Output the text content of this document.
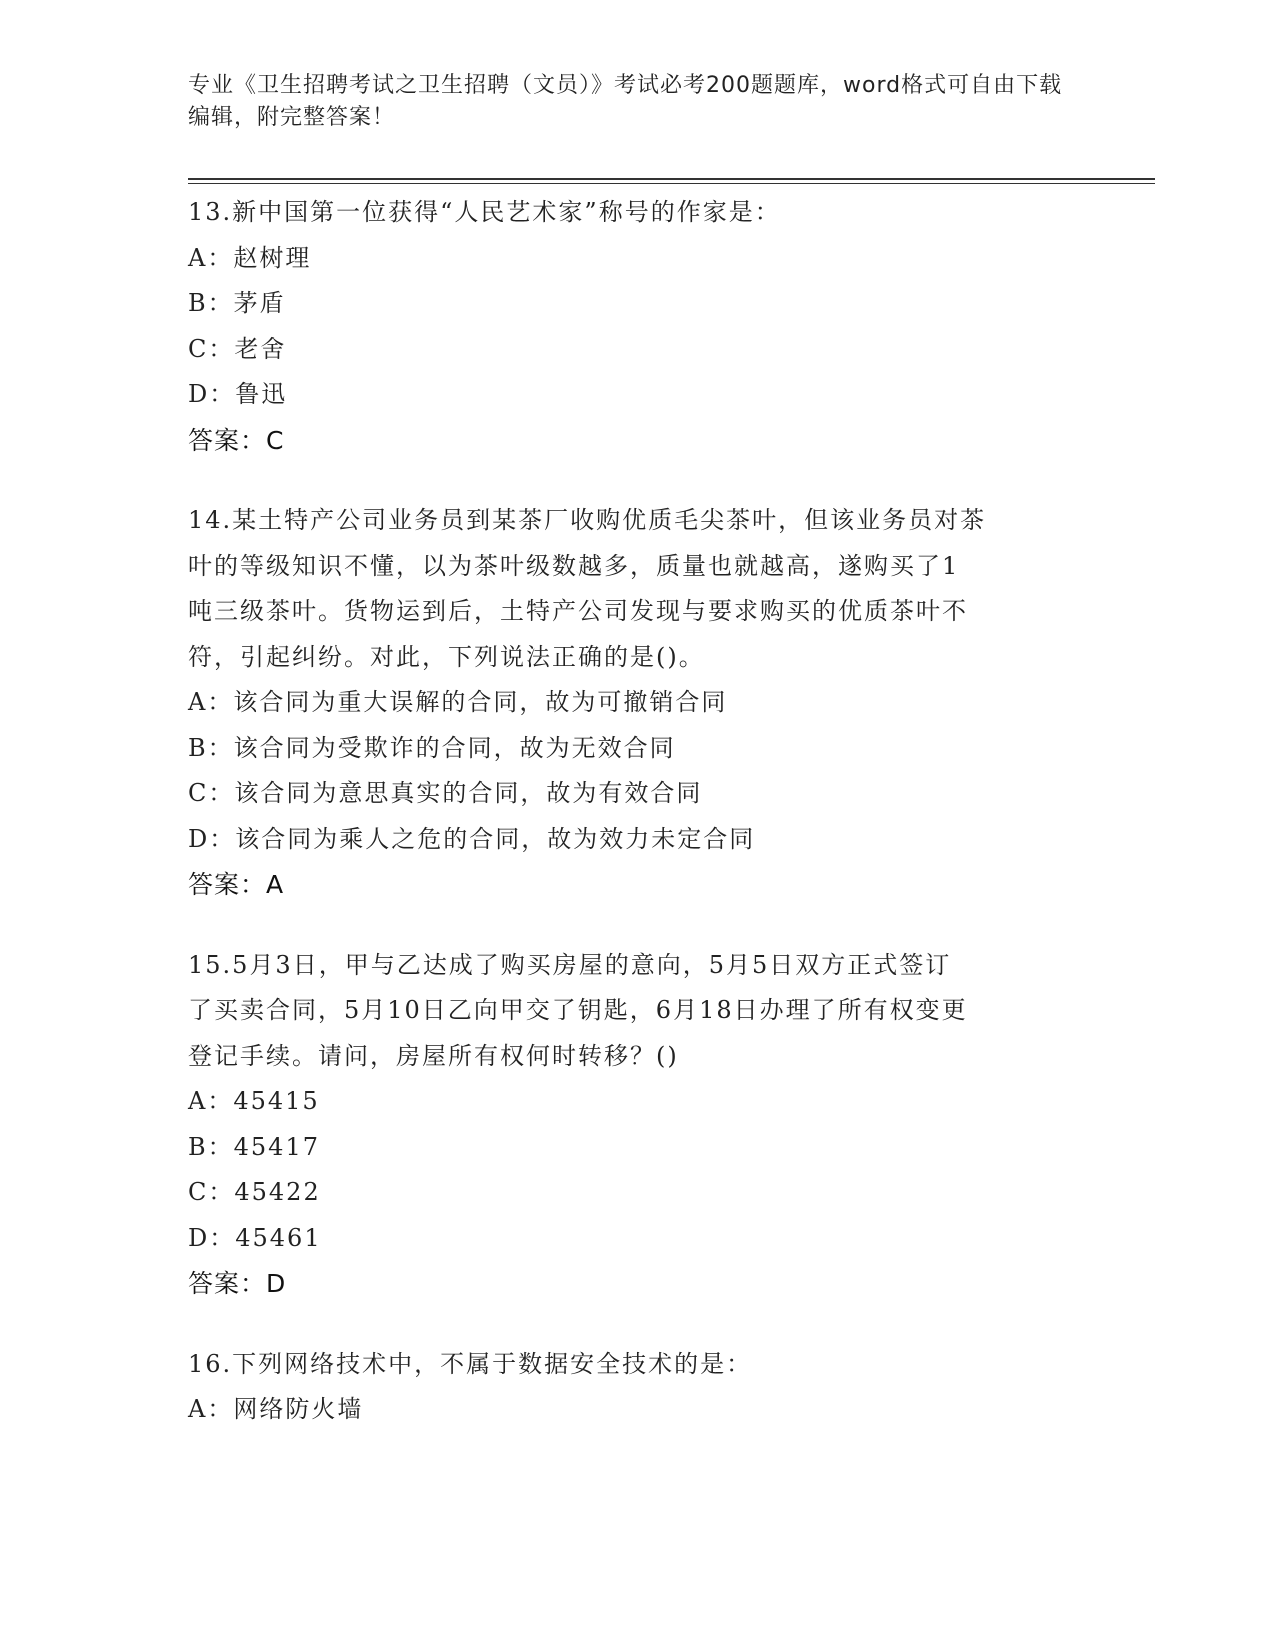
专业《卫生招聘考试之卫生招聘（文员）》考试必考200题题库，word格式可自由下载编辑，附完整答案！
13.新中国第一位获得“人民艺术家”称号的作家是：
A：赵树理
B：茅盾
C：老舍
D：鲁迅
答案：C
14.某土特产公司业务员到某茶厂收购优质毛尖茶叶，但该业务员对茶
叶的等级知识不懂，以为茶叶级数越多，质量也就越高，遂购买了1
吨三级茶叶。货物运到后，土特产公司发现与要求购买的优质茶叶不
符，引起纠纷。对此，下列说法正确的是()。
A：该合同为重大误解的合同，故为可撤销合同
B：该合同为受欺诈的合同，故为无效合同
C：该合同为意思真实的合同，故为有效合同
D：该合同为乘人之危的合同，故为效力未定合同
答案：A
15.5月3日，甲与乙达成了购买房屋的意向，5月5日双方正式签订
了买卖合同，5月10日乙向甲交了钥匙，6月18日办理了所有权变更
登记手续。请问，房屋所有权何时转移？()
A：45415
B：45417
C：45422
D：45461
答案：D
16.下列网络技术中，不属于数据安全技术的是：
A：网络防火墙
